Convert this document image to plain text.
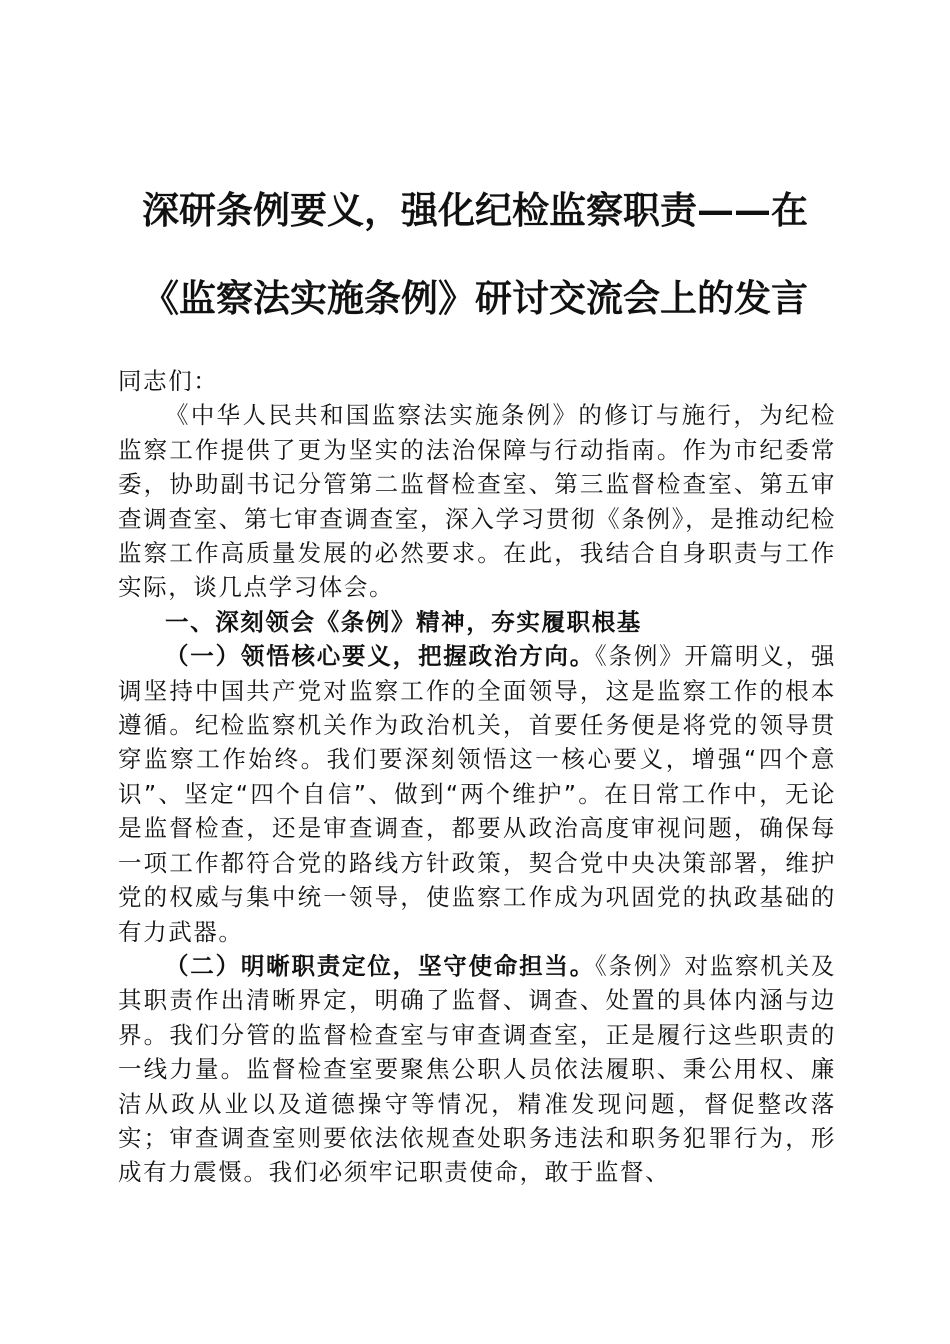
深研条例要义，强化纪检监察职责——在《监察法实施条例》研讨交流会上的发言

同志们：

《中华人民共和国监察法实施条例》的修订与施行，为纪检监察工作提供了更为坚实的法治保障与行动指南。作为市纪委常委，协助副书记分管第二监督检查室、第三监督检查室、第五审查调查室、第七审查调查室，深入学习贯彻《条例》，是推动纪检监察工作高质量发展的必然要求。在此，我结合自身职责与工作实际，谈几点学习体会。

一、深刻领会《条例》精神，夯实履职根基

（一）领悟核心要义，把握政治方向。《条例》开篇明义，强调坚持中国共产党对监察工作的全面领导，这是监察工作的根本遵循。纪检监察机关作为政治机关，首要任务便是将党的领导贯穿监察工作始终。我们要深刻领悟这一核心要义，增强“四个意识”、坚定“四个自信”、做到“两个维护”。在日常工作中，无论是监督检查，还是审查调查，都要从政治高度审视问题，确保每一项工作都符合党的路线方针政策，契合党中央决策部署，维护党的权威与集中统一领导，使监察工作成为巩固党的执政基础的有力武器。

（二）明晰职责定位，坚守使命担当。《条例》对监察机关及其职责作出清晰界定，明确了监督、调查、处置的具体内涵与边界。我们分管的监督检查室与审查调查室，正是履行这些职责的一线力量。监督检查室要聚焦公职人员依法履职、秉公用权、廉洁从政从业以及道德操守等情况，精准发现问题，督促整改落实；审查调查室则要依法依规查处职务违法和职务犯罪行为，形成有力震慑。我们必须牢记职责使命，敢于监督、
